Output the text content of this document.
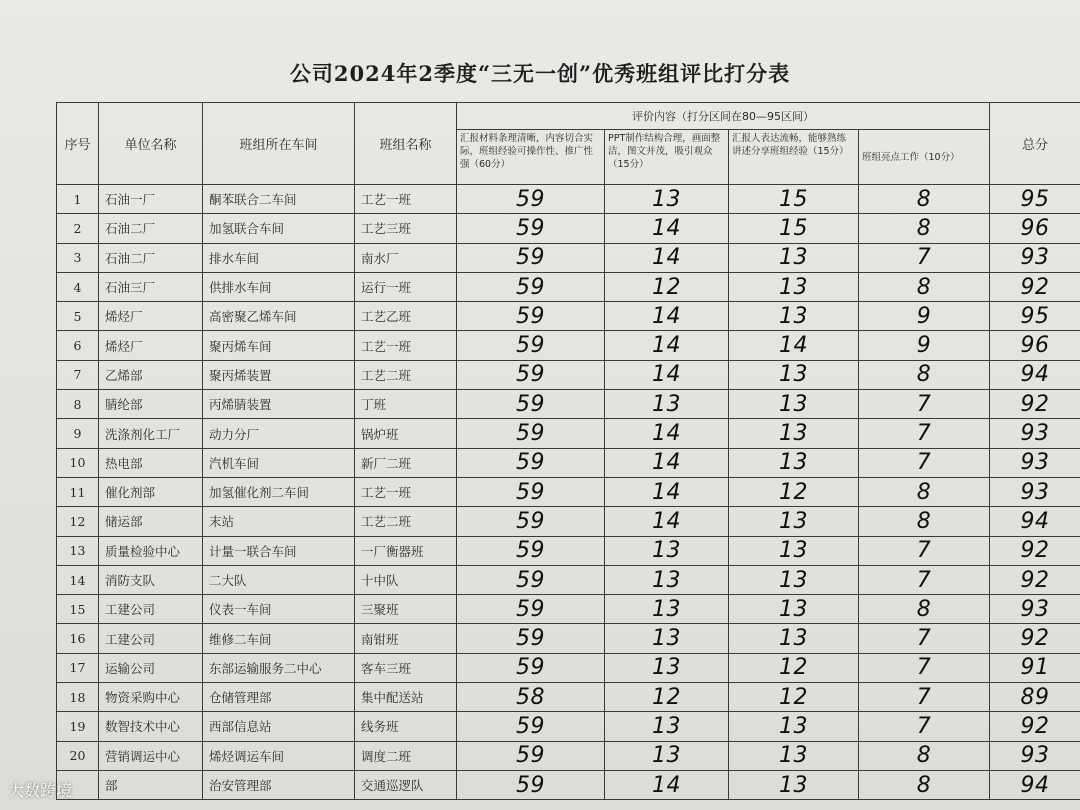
公司2024年2季度“三无一创”优秀班组评比打分表
序号	单位名称	班组所在车间	班组名称	评价内容（打分区间在80—95区间）				总分
				汇报材料条理清晰，内容切合实际，班组经验可操作性、推广性强（60分）	PPT制作结构合理，画面整洁，图文并茂，吸引观众（15分）	汇报人表达流畅，能够熟练讲述分享班组经验（15分）	班组亮点工作（10分）	
1	石油一厂	酮苯联合二车间	工艺一班	59	13	15	8	95
2	石油二厂	加氢联合车间	工艺三班	59	14	15	8	96
3	石油二厂	排水车间	南水厂	59	14	13	7	93
4	石油三厂	供排水车间	运行一班	59	12	13	8	92
5	烯烃厂	高密聚乙烯车间	工艺乙班	59	14	13	9	95
6	烯烃厂	聚丙烯车间	工艺一班	59	14	14	9	96
7	乙烯部	聚丙烯装置	工艺二班	59	14	13	8	94
8	腈纶部	丙烯腈装置	丁班	59	13	13	7	92
9	洗涤剂化工厂	动力分厂	锅炉班	59	14	13	7	93
10	热电部	汽机车间	新厂二班	59	14	13	7	93
11	催化剂部	加氢催化剂二车间	工艺一班	59	14	12	8	93
12	储运部	末站	工艺二班	59	14	13	8	94
13	质量检验中心	计量一联合车间	一厂衡器班	59	13	13	7	92
14	消防支队	二大队	十中队	59	13	13	7	92
15	工建公司	仪表一车间	三聚班	59	13	13	8	93
16	工建公司	维修二车间	南钳班	59	13	13	7	92
17	运输公司	东部运输服务二中心	客车三班	59	13	12	7	91
18	物资采购中心	仓储管理部	集中配送站	58	12	12	7	89
19	数智技术中心	西部信息站	线务班	59	13	13	7	92
20	营销调运中心	烯烃调运车间	调度二班	59	13	13	8	93
	部	治安管理部	交通巡逻队	59	14	13	8	94
大数跨境
